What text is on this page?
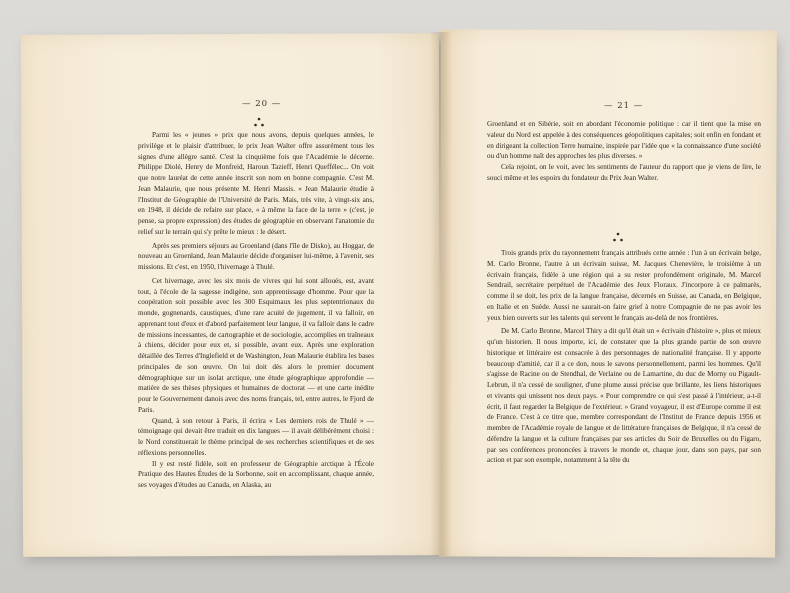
— 20 —

Parmi les « jeunes » prix que nous avons, depuis quelques années, le privilège et le plaisir d'attribuer, le prix Jean Walter offre assurément tous les signes d'une allègre santé. C'est la cinquième fois que l'Académie le décerne. Philippe Diolé, Henry de Monfreid, Haroun Tazieff, Henri Queffélec... On voit que notre lauréat de cette année inscrit son nom en bonne compagnie. C'est M. Jean Malaurie, que nous présente M. Henri Massis. « Jean Malaurie étudie à l'Institut de Géographie de l'Université de Paris. Mais, très vite, à vingt-six ans, en 1948, il décide de refaire sur place, « à même la face de la terre » (c'est, je pense, sa propre expression) des études de géographie en observant l'anatomie du relief sur le terrain qui s'y prête le mieux : le désert.

Après ses premiers séjours au Groenland (dans l'île de Disko), au Hoggar, de nouveau au Groenland, Jean Malaurie décide d'organiser lui-même, à l'avenir, ses missions. Et c'est, en 1950, l'hivernage à Thulé.

Cet hivernage, avec les six mois de vivres qui lui sont alloués, est, avant tout, à l'école de la sagesse indigène, son apprentissage d'homme. Pour que la coopération soit possible avec les 300 Esquimaux les plus septentrionaux du monde, gognenards, caustiques, d'une rare acuité de jugement, il va falloir, en apprenant tout d'eux et d'abord parfaitement leur langue, il va falloir dans le cadre de missions incessantes, de cartographie et de sociologie, accomplies en traîneaux à chiens, décider pour eux et, si possible, avant eux. Après une exploration détaillée des Terres d'Inglefield et de Washington, Jean Malaurie établira les bases principales de son œuvre. On lui doit dès alors le premier document démographique sur un isolat arctique, une étude géographique approfondie — matière de ses thèses physiques et humaines de doctorat — et une carte inédite pour le Gouvernement danois avec des noms français, tel, entre autres, le Fjord de Paris.

Quand, à son retour à Paris, il écrira « Les derniers rois de Thulé » — témoignage qui devait être traduit en dix langues — il avait délibérément choisi : le Nord constituerait le thème principal de ses recherches scientifiques et de ses réflexions personnelles.

Il y est resté fidèle, soit en professeur de Géographie arctique à l'École Pratique des Hautes Études de la Sorbonne, soit en accomplissant, chaque année, ses voyages d'études au Canada, en Alaska, au

— 21 —

Groenland et en Sibérie, soit en abordant l'économie politique : car il tient que la mise en valeur du Nord est appelée à des conséquences géopolitiques capitales; soit enfin en fondant et en dirigeant la collection Terre humaine, inspirée par l'idée que « la connaissance d'une société ou d'un homme naît des approches les plus diverses. »

Cela rejoint, on le voit, avec les sentiments de l'auteur du rapport que je viens de lire, le souci même et les espoirs du fondateur du Prix Jean Walter.

Trois grands prix du rayonnement français attribués cette année : l'un à un écrivain belge, M. Carlo Bronne, l'autre à un écrivain suisse, M. Jacques Chenevière, le troisième à un écrivain français, fidèle à une région qui a su rester profondément originale, M. Marcel Sendrail, secrétaire perpétuel de l'Académie des Jeux Floraux. J'incorpore à ce palmarès, comme il se doit, les prix de la langue française, décernés en Suisse, au Canada, en Belgique, en Italie et en Suède. Aussi ne saurait-on faire grief à notre Compagnie de ne pas avoir les yeux bien ouverts sur les talents qui servent le français au-delà de nos frontières.

De M. Carlo Bronne, Marcel Thiry a dit qu'il était un « écrivain d'histoire », plus et mieux qu'un historien. Il nous importe, ici, de constater que la plus grande partie de son œuvre historique et littéraire est consacrée à des personnages de nationalité française. Il y apporte beaucoup d'amitié, car il a ce don, nous le savons personnellement, parmi les hommes. Qu'il s'agisse de Racine ou de Stendhal, de Verlaine ou de Lamartine, du duc de Morny ou Pigault-Lebrun, il n'a cessé de souligner, d'une plume aussi précise que brillante, les liens historiques et vivants qui unissent nos deux pays. « Pour comprendre ce qui s'est passé à l'intérieur, a-t-il écrit, il faut regarder la Belgique de l'extérieur. » Grand voyageur, il est d'Europe comme il est de France. C'est à ce titre que, membre correspondant de l'Institut de France depuis 1956 et membre de l'Académie royale de langue et de littérature françaises de Belgique, il n'a cessé de défendre la langue et la culture françaises par ses articles du Soir de Bruxelles ou du Figaro, par ses conférences prononcées à travers le monde et, chaque jour, dans son pays, par son action et par son exemple, notamment à la tête du
